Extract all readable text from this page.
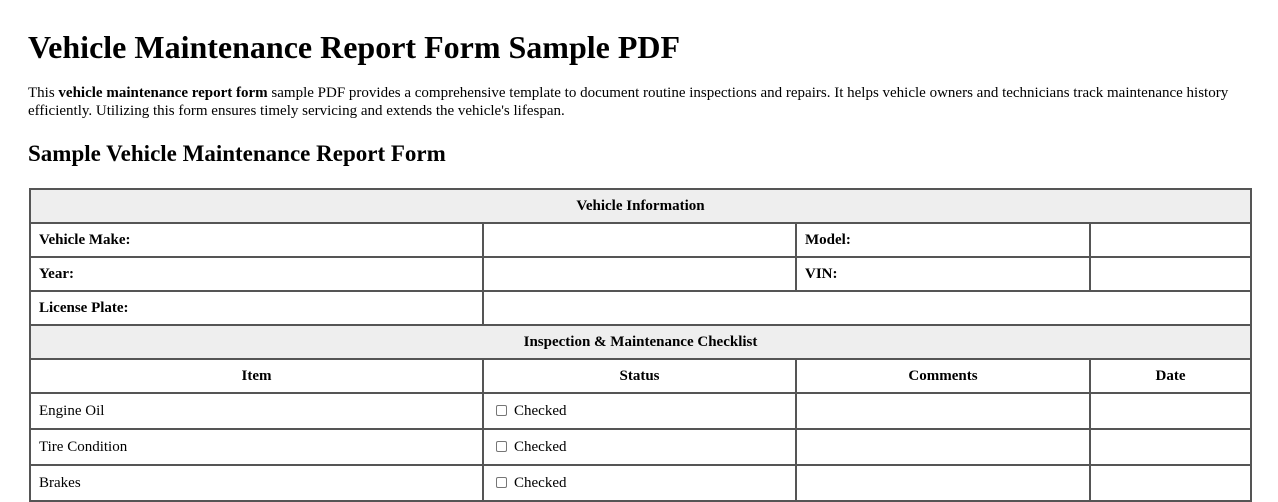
Vehicle Maintenance Report Form Sample PDF

This vehicle maintenance report form sample PDF provides a comprehensive template to document routine inspections and repairs. It helps vehicle owners and technicians track maintenance history efficiently. Utilizing this form ensures timely servicing and extends the vehicle's lifespan.

Sample Vehicle Maintenance Report Form
Vehicle Information			
Vehicle Make:		Model:	
Year:		VIN:	
License Plate:			
Inspection & Maintenance Checklist			
Item	Status	Comments	Date
Engine Oil	Checked		
Tire Condition	Checked		
Brakes	Checked		
